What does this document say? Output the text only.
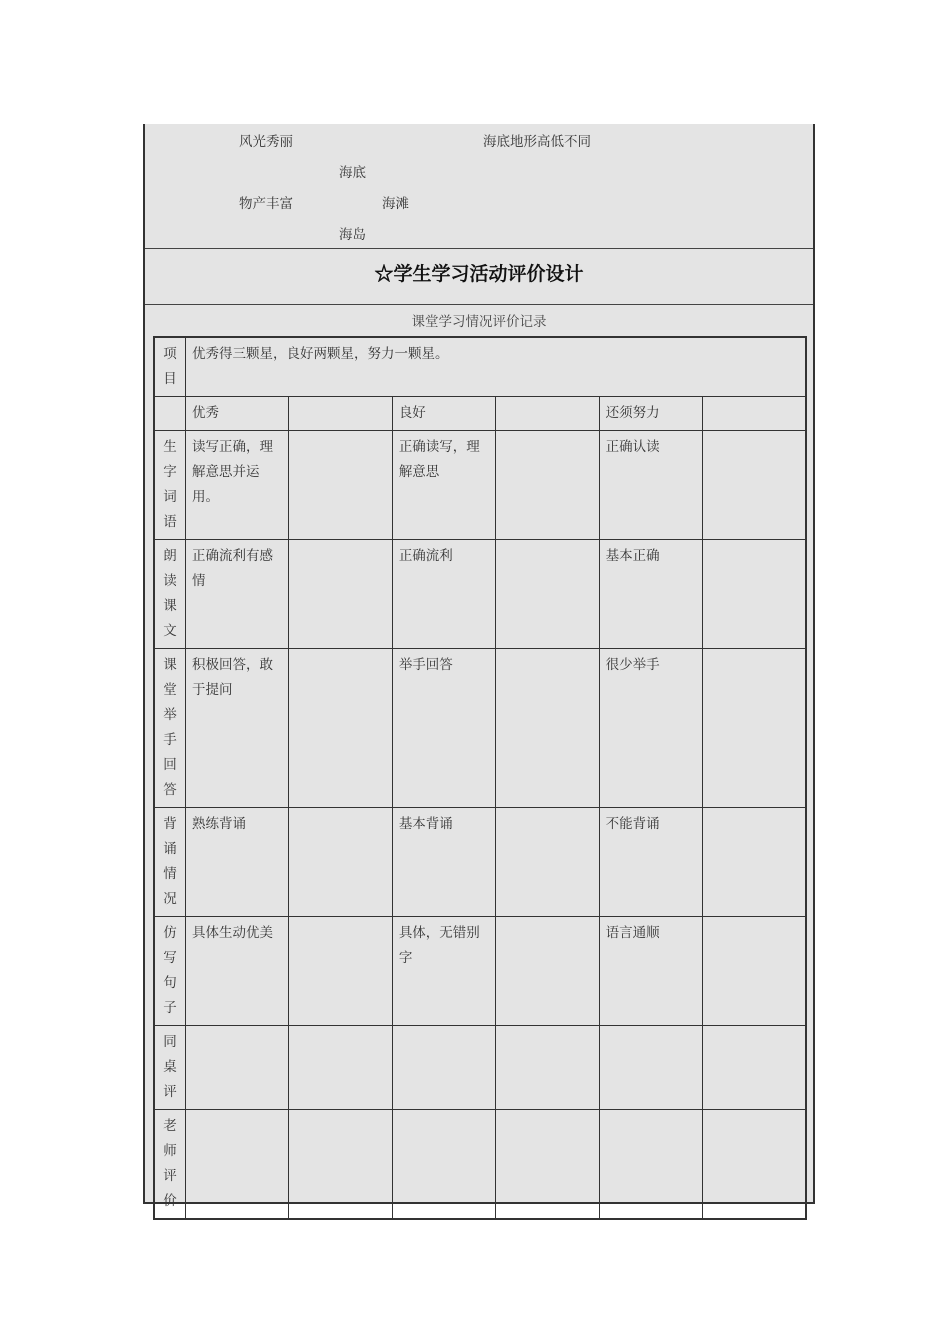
风光秀丽	海底地形高低不同
海底
物产丰富	海滩
海岛
☆学生学习活动评价设计
课堂学习情况评价记录
项目	优秀得三颗星，良好两颗星，努力一颗星。					
	优秀		良好		还须努力	
生字词语	读写正确，理解意思并运用。		正确读写，理解意思		正确认读	
朗读课文	正确流利有感情		正确流利		基本正确	
课堂举手回答	积极回答，敢于提问		举手回答		很少举手	
背诵情况	熟练背诵		基本背诵		不能背诵	
仿写句子	具体生动优美		具体，无错别字		语言通顺	
同桌评						
老师评价						
